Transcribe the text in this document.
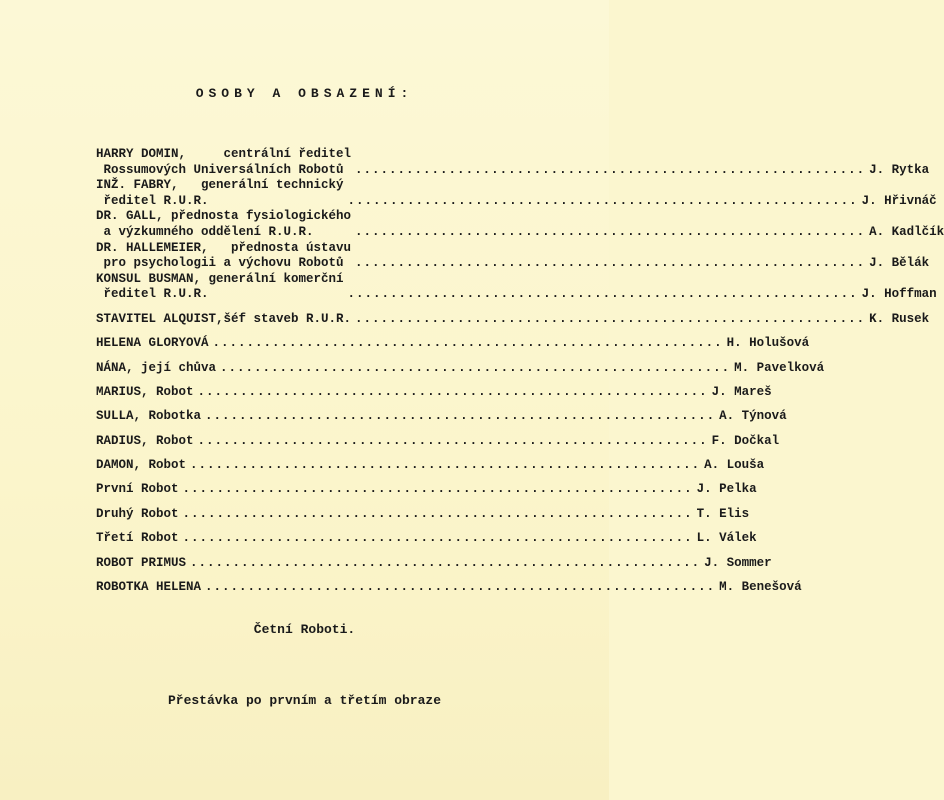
OSOBY A OBSAZENÍ:
HARRY DOMIN,     centrální ředitel
Rossumových Universálních Robotů ............................................................ J. Rytka
INŽ. FABRY,   generální technický
ředitel R.U.R.	............................................................ J. Hřivnáč
DR. GALL, přednosta fysiologického
a výzkumného oddělení R.U.R.	............................................................ A. Kadlčík
DR. HALLEMEIER,   přednosta ústavu
pro psychologii a výchovu Robotů ............................................................ J. Bělák
KONSUL BUSMAN, generální komerční
ředitel R.U.R.	............................................................ J. Hoffman
STAVITEL ALQUIST,šéf staveb R.U.R. ............................................................ K. Rusek
HELENA GLORYOVÁ ............................................................ H. Holušová
NÁNA, její chůva ............................................................ M. Pavelková
MARIUS, Robot ............................................................ J. Mareš
SULLA, Robotka ............................................................ A. Týnová
RADIUS, Robot ............................................................ F. Dočkal
DAMON, Robot ............................................................ A. Louša
První Robot ............................................................ J. Pelka
Druhý Robot ............................................................ T. Elis
Třetí Robot ............................................................ L. Válek
ROBOT PRIMUS ............................................................ J. Sommer
ROBOTKA HELENA ............................................................ M. Benešová
Četní Roboti.
Přestávka po prvním a třetím obraze
